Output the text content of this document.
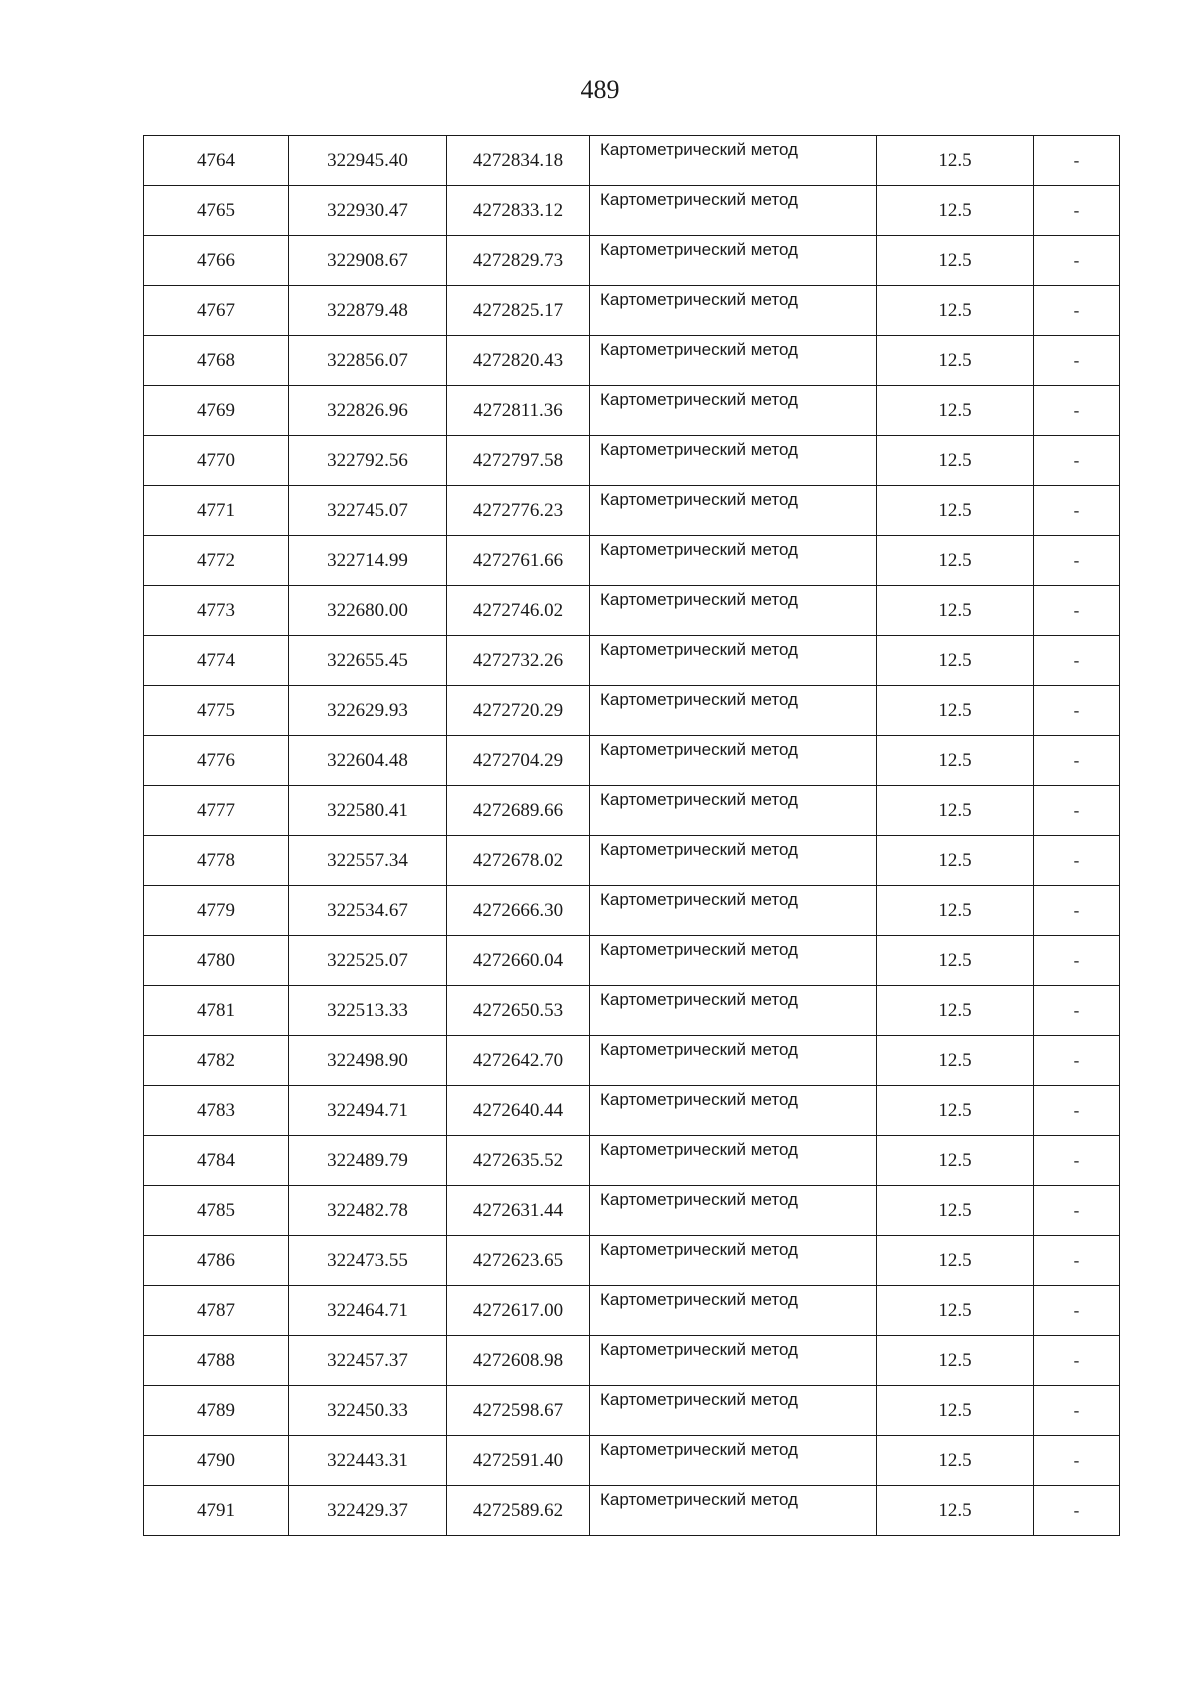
489
4764	322945.40	4272834.18	Картометрический метод	12.5	-
4765	322930.47	4272833.12	Картометрический метод	12.5	-
4766	322908.67	4272829.73	Картометрический метод	12.5	-
4767	322879.48	4272825.17	Картометрический метод	12.5	-
4768	322856.07	4272820.43	Картометрический метод	12.5	-
4769	322826.96	4272811.36	Картометрический метод	12.5	-
4770	322792.56	4272797.58	Картометрический метод	12.5	-
4771	322745.07	4272776.23	Картометрический метод	12.5	-
4772	322714.99	4272761.66	Картометрический метод	12.5	-
4773	322680.00	4272746.02	Картометрический метод	12.5	-
4774	322655.45	4272732.26	Картометрический метод	12.5	-
4775	322629.93	4272720.29	Картометрический метод	12.5	-
4776	322604.48	4272704.29	Картометрический метод	12.5	-
4777	322580.41	4272689.66	Картометрический метод	12.5	-
4778	322557.34	4272678.02	Картометрический метод	12.5	-
4779	322534.67	4272666.30	Картометрический метод	12.5	-
4780	322525.07	4272660.04	Картометрический метод	12.5	-
4781	322513.33	4272650.53	Картометрический метод	12.5	-
4782	322498.90	4272642.70	Картометрический метод	12.5	-
4783	322494.71	4272640.44	Картометрический метод	12.5	-
4784	322489.79	4272635.52	Картометрический метод	12.5	-
4785	322482.78	4272631.44	Картометрический метод	12.5	-
4786	322473.55	4272623.65	Картометрический метод	12.5	-
4787	322464.71	4272617.00	Картометрический метод	12.5	-
4788	322457.37	4272608.98	Картометрический метод	12.5	-
4789	322450.33	4272598.67	Картометрический метод	12.5	-
4790	322443.31	4272591.40	Картометрический метод	12.5	-
4791	322429.37	4272589.62	Картометрический метод	12.5	-
